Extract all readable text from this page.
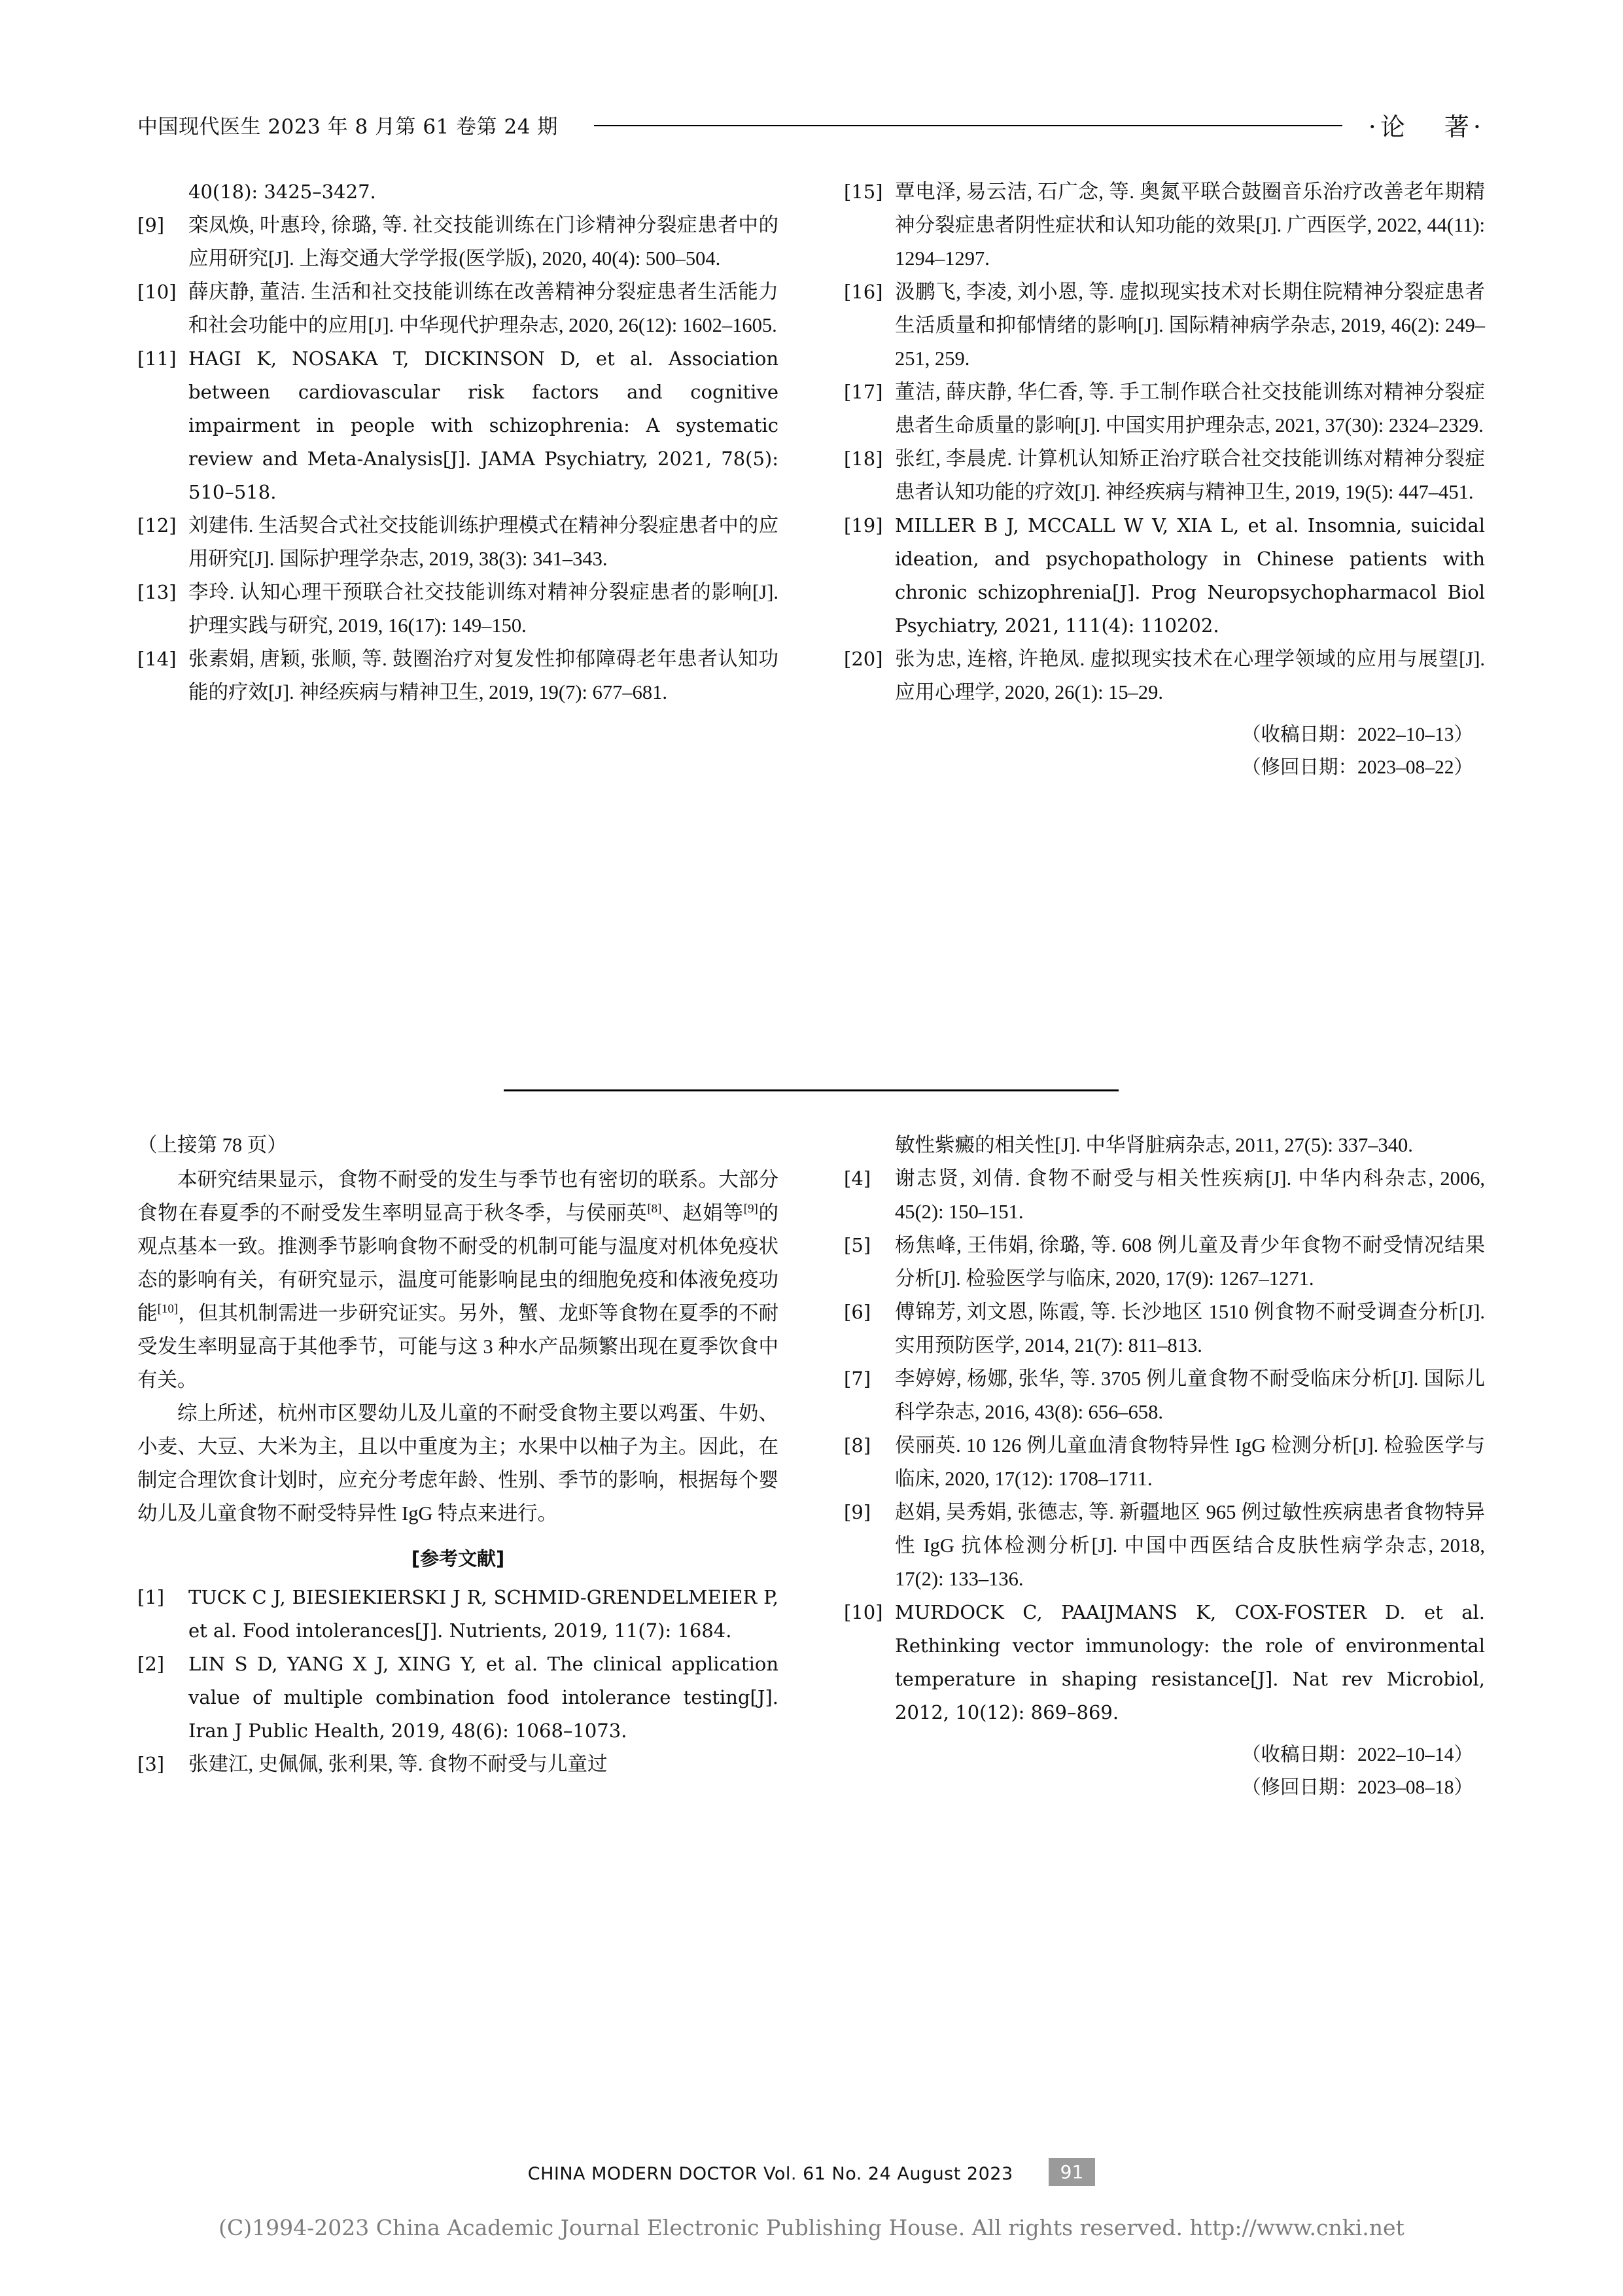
中国现代医生 2023 年 8 月第 61 卷第 24 期	·论著·
40(18): 3425–3427.
[9]	栾凤焕, 叶惠玲, 徐璐, 等. 社交技能训练在门诊精神分裂症患者中的应用研究[J]. 上海交通大学学报(医学版), 2020, 40(4): 500–504.
[10] 薛庆静, 董洁. 生活和社交技能训练在改善精神分裂症患者生活能力和社会功能中的应用[J]. 中华现代护理杂志, 2020, 26(12): 1602–1605.
[11] HAGI K, NOSAKA T, DICKINSON D, et al. Association between cardiovascular risk factors and cognitive impairment in people with schizophrenia: A systematic review and Meta-Analysis[J]. JAMA Psychiatry, 2021, 78(5): 510–518.
[12] 刘建伟. 生活契合式社交技能训练护理模式在精神分裂症患者中的应用研究[J]. 国际护理学杂志, 2019, 38(3): 341–343.
[13] 李玲. 认知心理干预联合社交技能训练对精神分裂症患者的影响[J]. 护理实践与研究, 2019, 16(17): 149–150.
[14] 张素娟, 唐颖, 张顺, 等. 鼓圈治疗对复发性抑郁障碍老年患者认知功能的疗效[J]. 神经疾病与精神卫生, 2019, 19(7): 677–681.
[15] 覃电泽, 易云洁, 石广念, 等. 奥氮平联合鼓圈音乐治疗改善老年期精神分裂症患者阴性症状和认知功能的效果[J]. 广西医学, 2022, 44(11): 1294–1297.
[16] 汲鹏飞, 李凌, 刘小恩, 等. 虚拟现实技术对长期住院精神分裂症患者生活质量和抑郁情绪的影响[J]. 国际精神病学杂志, 2019, 46(2): 249–251, 259.
[17] 董洁, 薛庆静, 华仁香, 等. 手工制作联合社交技能训练对精神分裂症患者生命质量的影响[J]. 中国实用护理杂志, 2021, 37(30): 2324–2329.
[18] 张红, 李晨虎. 计算机认知矫正治疗联合社交技能训练对精神分裂症患者认知功能的疗效[J]. 神经疾病与精神卫生, 2019, 19(5): 447–451.
[19] MILLER B J, MCCALL W V, XIA L, et al. Insomnia, suicidal ideation, and psychopathology in Chinese patients with chronic schizophrenia[J]. Prog Neuropsychopharmacol Biol Psychiatry, 2021, 111(4): 110202.
[20] 张为忠, 连榕, 许艳凤. 虚拟现实技术在心理学领域的应用与展望[J]. 应用心理学, 2020, 26(1): 15–29.
（收稿日期：2022–10–13）
（修回日期：2023–08–22）
（上接第 78 页）
本研究结果显示，食物不耐受的发生与季节也有密切的联系。大部分食物在春夏季的不耐受发生率明显高于秋冬季，与侯丽英[8]、赵娟等[9]的观点基本一致。推测季节影响食物不耐受的机制可能与温度对机体免疫状态的影响有关，有研究显示，温度可能影响昆虫的细胞免疫和体液免疫功能[10]，但其机制需进一步研究证实。另外，蟹、龙虾等食物在夏季的不耐受发生率明显高于其他季节，可能与这 3 种水产品频繁出现在夏季饮食中有关。
综上所述，杭州市区婴幼儿及儿童的不耐受食物主要以鸡蛋、牛奶、小麦、大豆、大米为主，且以中重度为主；水果中以柚子为主。因此，在制定合理饮食计划时，应充分考虑年龄、性别、季节的影响，根据每个婴幼儿及儿童食物不耐受特异性 IgG 特点来进行。
[参考文献]
[1]	TUCK C J, BIESIEKIERSKI J R, SCHMID-GRENDELMEIER P, et al. Food intolerances[J]. Nutrients, 2019, 11(7): 1684.
[2]	LIN S D, YANG X J, XING Y, et al. The clinical application value of multiple combination food intolerance testing[J]. Iran J Public Health, 2019, 48(6): 1068–1073.
[3]	张建江, 史佩佩, 张利果, 等. 食物不耐受与儿童过
敏性紫癜的相关性[J]. 中华肾脏病杂志, 2011, 27(5): 337–340.
[4]	谢志贤, 刘倩. 食物不耐受与相关性疾病[J]. 中华内科杂志, 2006, 45(2): 150–151.
[5]	杨焦峰, 王伟娟, 徐璐, 等. 608 例儿童及青少年食物不耐受情况结果分析[J]. 检验医学与临床, 2020, 17(9): 1267–1271.
[6]	傅锦芳, 刘文恩, 陈霞, 等. 长沙地区 1510 例食物不耐受调查分析[J]. 实用预防医学, 2014, 21(7): 811–813.
[7]	李婷婷, 杨娜, 张华, 等. 3705 例儿童食物不耐受临床分析[J]. 国际儿科学杂志, 2016, 43(8): 656–658.
[8]	侯丽英. 10 126 例儿童血清食物特异性 IgG 检测分析[J]. 检验医学与临床, 2020, 17(12): 1708–1711.
[9]	赵娟, 吴秀娟, 张德志, 等. 新疆地区 965 例过敏性疾病患者食物特异性 IgG 抗体检测分析[J]. 中国中西医结合皮肤性病学杂志, 2018, 17(2): 133–136.
[10] MURDOCK C, PAAIJMANS K, COX-FOSTER D. et al. Rethinking vector immunology: the role of environmental temperature in shaping resistance[J]. Nat rev Microbiol, 2012, 10(12): 869–869.
（收稿日期：2022–10–14）
（修回日期：2023–08–18）
CHINA MODERN DOCTOR Vol. 61 No. 24 August 2023	91
(C)1994-2023 China Academic Journal Electronic Publishing House. All rights reserved. http://www.cnki.net
